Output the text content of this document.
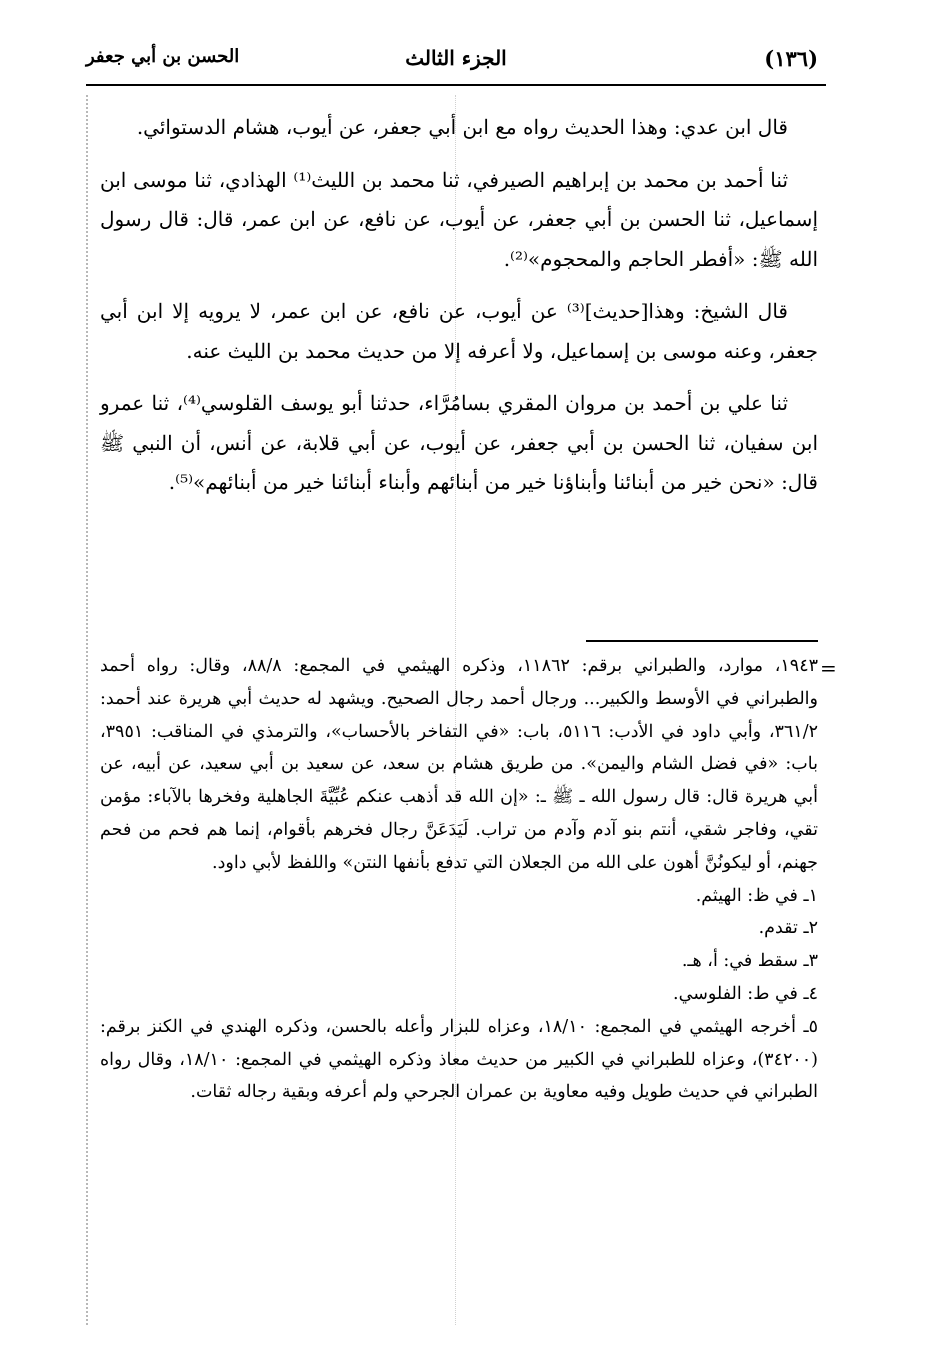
(١٣٦)
الجزء الثالث
الحسن بن أبي جعفر

قال ابن عدي: وهذا الحديث رواه مع ابن أبي جعفر، عن أيوب، هشام الدستوائي.

ثنا أحمد بن محمد بن إبراهيم الصيرفي، ثنا محمد بن الليث⁽¹⁾ الهذادي، ثنا موسى ابن إسماعيل، ثنا الحسن بن أبي جعفر، عن أيوب، عن نافع، عن ابن عمر، قال: قال رسول الله ﷺ: «أفطر الحاجم والمحجوم»⁽²⁾.

قال الشيخ: وهذا[حديث]⁽³⁾ عن أيوب، عن نافع، عن ابن عمر، لا يرويه إلا ابن أبي جعفر، وعنه موسى بن إسماعيل، ولا أعرفه إلا من حديث محمد بن الليث عنه.

ثنا علي بن أحمد بن مروان المقري بسامُرَّاء، حدثنا أبو يوسف القلوسي⁽⁴⁾، ثنا عمرو ابن سفيان، ثنا الحسن بن أبي جعفر، عن أيوب، عن أبي قلابة، عن أنس، أن النبي ﷺ قال: «نحن خير من أبنائنا وأبناؤنا خير من أبنائهم وأبناء أبنائنا خير من أبنائهم»⁽⁵⁾.

=

١٩٤٣، موارد، والطبراني برقم: ١١٨٦٢، وذكره الهيثمي في المجمع: ٨٨/٨، وقال: رواه أحمد والطبراني في الأوسط والكبير... ورجال أحمد رجال الصحيح. ويشهد له حديث أبي هريرة عند أحمد: ٣٦١/٢، وأبي داود في الأدب: ٥١١٦، باب: «في التفاخر بالأحساب»، والترمذي في المناقب: ٣٩٥١، باب: «في فضل الشام واليمن». من طريق هشام بن سعد، عن سعيد بن أبي سعيد، عن أبيه، عن أبي هريرة قال: قال رسول الله ـ ﷺ ـ: «إن الله قد أذهب عنكم عُبِّيَّةَ الجاهلية وفخرها بالآباء: مؤمن تقي، وفاجر شقي، أنتم بنو آدم وآدم من تراب. لَيَدَعَنَّ رجال فخرهم بأقوام، إنما هم فحم من فحم جهنم، أو ليكونُنَّ أهون على الله من الجعلان التي تدفع بأنفها النتن» واللفظ لأبي داود.

١ـ في ظ: الهيثم.

٢ـ تقدم.

٣ـ سقط في: أ، هـ.

٤ـ في ط: الفلوسي.

٥ـ أخرجه الهيثمي في المجمع: ١٨/١٠، وعزاه للبزار وأعله بالحسن، وذكره الهندي في الكنز برقم: (٣٤٢٠٠)، وعزاه للطبراني في الكبير من حديث معاذ وذكره الهيثمي في المجمع: ١٨/١٠، وقال رواه الطبراني في حديث طويل وفيه معاوية بن عمران الجرحي ولم أعرفه وبقية رجاله ثقات.
